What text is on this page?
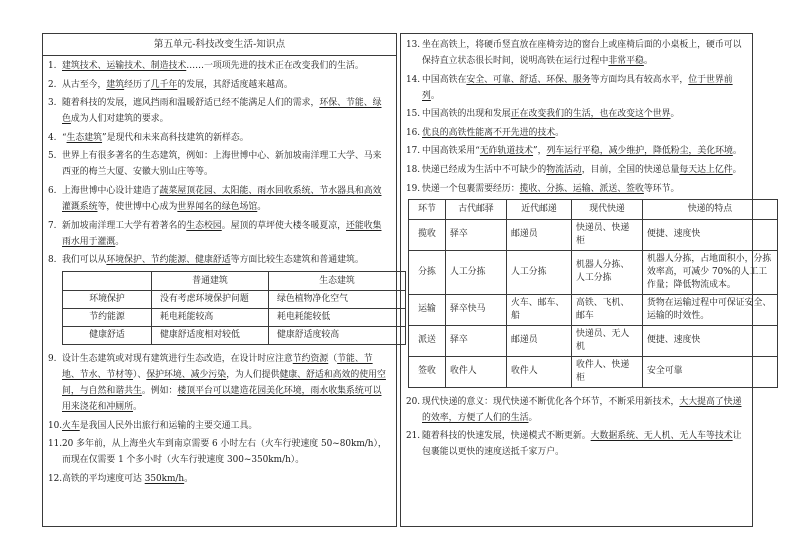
第五单元-科技改变生活-知识点
1. 建筑技术、运输技术、制造技术……一项项先进的技术正在改变我们的生活。
2. 从古至今，建筑经历了几千年的发展，其舒适度越来越高。
3. 随着科技的发展，遮风挡雨和温暖舒适已经不能满足人们的需求，环保、节能、绿色成为人们对建筑的要求。
4. “生态建筑”是现代和未来高科技建筑的新样态。
5. 世界上有很多著名的生态建筑，例如：上海世博中心、新加坡南洋理工大学、马来西亚的梅兰大厦、安徽大别山庄等等。
6. 上海世博中心设计建造了蔬菜屋顶花园、太阳能、雨水回收系统、节水器具和高效灌溉系统等，使世博中心成为世界闻名的绿色场馆。
7. 新加坡南洋理工大学有着著名的生态校园。屋顶的草坪使大楼冬暖夏凉，还能收集雨水用于灌溉。
8. 我们可以从环境保护、节约能源、健康舒适等方面比较生态建筑和普通建筑。
	普通建筑	生态建筑
环境保护	没有考虑环境保护问题	绿色植物净化空气
节约能源	耗电耗能较高	耗电耗能较低
健康舒适	健康舒适度相对较低	健康舒适度较高
9. 设计生态建筑或对现有建筑进行生态改造，在设计时应注意节约资源（节能、节地、节水、节材等）、保护环境、减少污染，为人们提供健康、舒适和高效的使用空间，与自然和谐共生。例如：楼顶平台可以建造花园美化环境，雨水收集系统可以用来浇花和冲厕所。
10. 火车是我国人民外出旅行和运输的主要交通工具。
11. 20 多年前，从上海坐火车到南京需要 6 小时左右（火车行驶速度 50~80km/h），而现在仅需要 1 个多小时（火车行驶速度 300~350km/h）。
12. 高铁的平均速度可达 350km/h。
13. 坐在高铁上，将硬币竖直放在座椅旁边的窗台上或座椅后面的小桌板上，硬币可以保持直立状态很长时间，说明高铁在运行过程中非常平稳。
14. 中国高铁在安全、可靠、舒适、环保、服务等方面均具有较高水平，位于世界前列。
15. 中国高铁的出现和发展正在改变我们的生活，也在改变这个世界。
16. 优良的高铁性能离不开先进的技术。
17. 中国高铁采用“无砟轨道技术”，列车运行平稳，减少维护，降低粉尘，美化环境。
18. 快递已经成为生活中不可缺少的物流活动，目前，全国的快递总量每天达上亿件。
19. 快递一个包裹需要经历：揽收、分拣、运输、派送、签收等环节。
环节	古代邮驿	近代邮递	现代快递	快递的特点
揽收	驿卒	邮递员	快递员、快递柜	便捷、速度快
分拣	人工分拣	人工分拣	机器人分拣、人工分拣	机器人分拣，占地面积小，分拣效率高，可减少 70%的人工工作量；降低物流成本。
运输	驿卒快马	火车、邮车、船	高铁、飞机、邮车	货物在运输过程中可保证安全、运输的时效性。
派送	驿卒	邮递员	快递员、无人机	便捷、速度快
签收	收件人	收件人	收件人、快递柜	安全可靠
20. 现代快递的意义：现代快递不断优化各个环节，不断采用新技术，大大提高了快递的效率，方便了人们的生活。
21. 随着科技的快速发展，快递模式不断更新。大数据系统、无人机、无人车等技术让包裹能以更快的速度送抵千家万户。
